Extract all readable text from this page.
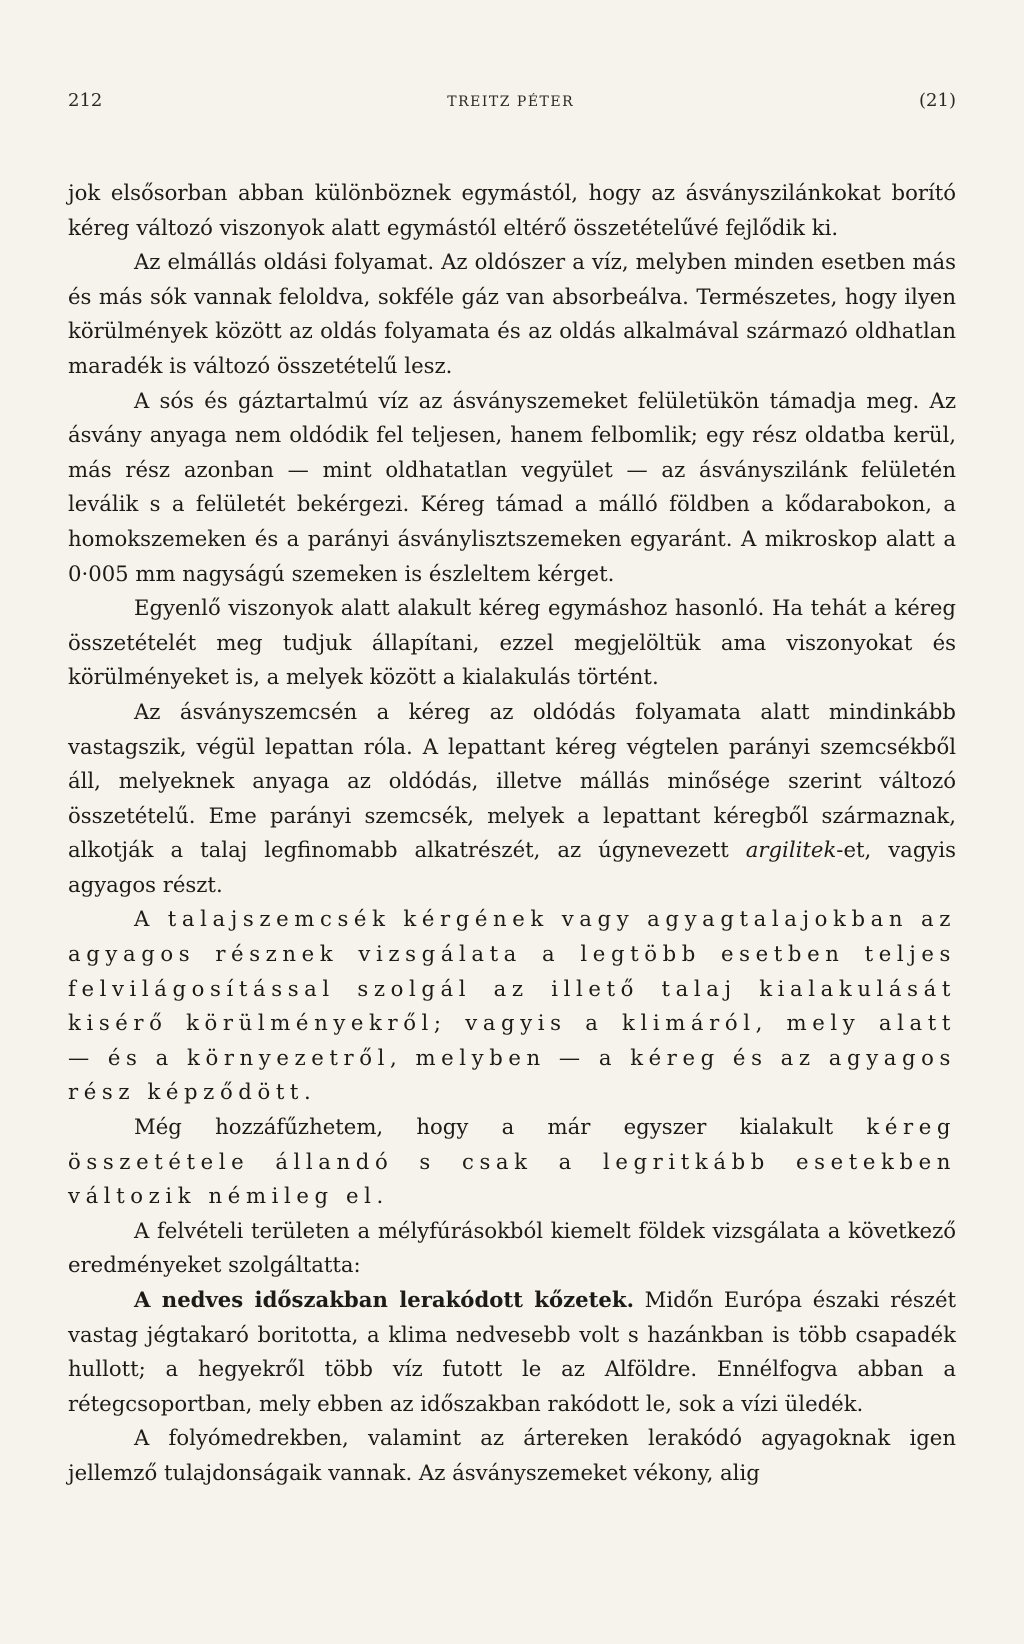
212	TREITZ PÉTER	(21)

jok elsősorban abban különböznek egymástól, hogy az ásványszilánkokat borító kéreg változó viszonyok alatt egymástól eltérő összetételűvé fejlődik ki.

Az elmállás oldási folyamat. Az oldószer a víz, melyben minden esetben más és más sók vannak feloldva, sokféle gáz van absorbeálva. Természetes, hogy ilyen körülmények között az oldás folyamata és az oldás alkalmával származó oldhatlan maradék is változó összetételű lesz.

A sós és gáztartalmú víz az ásványszemeket felületükön támadja meg. Az ásvány anyaga nem oldódik fel teljesen, hanem felbomlik; egy rész oldatba kerül, más rész azonban — mint oldhatatlan vegyület — az ásványszilánk felületén leválik s a felületét bekérgezi. Kéreg támad a málló földben a kődarabokon, a homokszemeken és a parányi ásványlisztszemeken egyaránt. A mikroskop alatt a 0·005 mm nagyságú szemeken is észleltem kérget.

Egyenlő viszonyok alatt alakult kéreg egymáshoz hasonló. Ha tehát a kéreg összetételét meg tudjuk állapítani, ezzel megjelöltük ama viszonyokat és körülményeket is, a melyek között a kialakulás történt.

Az ásványszemcsén a kéreg az oldódás folyamata alatt mindinkább vastagszik, végül lepattan róla. A lepattant kéreg végtelen parányi szemcsékből áll, melyeknek anyaga az oldódás, illetve mállás minősége szerint változó összetételű. Eme parányi szemcsék, melyek a lepattant kéregből származnak, alkotják a talaj legfinomabb alkatrészét, az úgynevezett argilitek-et, vagyis agyagos részt.

A talajszemcsék kérgének vagy agyagtalajokban az agyagos résznek vizsgálata a legtöbb esetben teljes felvilágosítással szolgál az illető talaj kialakulását kisérő körülményekről; vagyis a klimáról, mely alatt — és a környezetről, melyben — a kéreg és az agyagos rész képződött.

Még hozzáfűzhetem, hogy a már egyszer kialakult kéreg összetétele állandó s csak a legritkább esetekben változik némileg el.

A felvételi területen a mélyfúrásokból kiemelt földek vizsgálata a következő eredményeket szolgáltatta:

A nedves időszakban lerakódott kőzetek. Midőn Európa északi részét vastag jégtakaró boritotta, a klima nedvesebb volt s hazánkban is több csapadék hullott; a hegyekről több víz futott le az Alföldre. Ennélfogva abban a rétegcsoportban, mely ebben az időszakban rakódott le, sok a vízi üledék.

A folyómedrekben, valamint az ártereken lerakódó agyagoknak igen jellemző tulajdonságaik vannak. Az ásványszemeket vékony, alig
